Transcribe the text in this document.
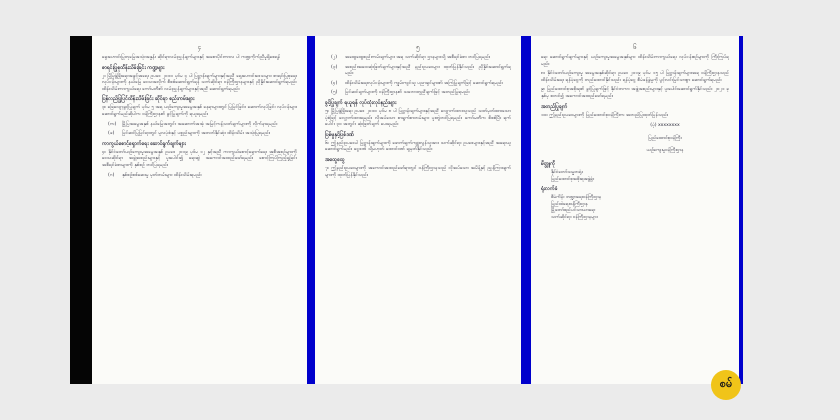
၄
ရှေးဟောင်းပြုတုမြေအသုံးအနှုန်း ဆိုင်ရာလမ်းညွှန်ချက်များနှင့် အစောပိုင်းကာလ ပါ ကဏ္ဍကိုက်ညီမှုရှိစေရန်
စာရင်းပြုစုထိန်းသိမ်းခြင်း ကဏ္ဍများ
၂။ မြိုပြဖွံ့ဖြိုးရေးအခွင့်အရေး ဥပဒေ ၂၀၁၀ ပုဒ်မ ၄ ပါ ပြဋ္ဌာန်းချက်များနှင့်အညီ ရှေးဟောင်းဒေသများ စာရင်းပြုစုရေး လုပ်ငန်းများကို နယ်မြေ ဒေသအလိုက် စီစစ်ဆောင်ရွက်ရန် သက်ဆိုင်ရာ ဝန်ကြီးဌာနများနှင့် ညှိနှိုင်းဆောင်ရွက်ရမည်။ ထိန်းသိမ်းကာကွယ်ရေး ကော်မတီ၏ လမ်းညွှန်ချက်များနှင့်အညီ ဆောင်ရွက်ရမည်။
ပြန်လည်ပြုပြင်ထိန်းသိမ်းခြင်း ဆိုင်ရာ စည်းကမ်းများ
၃။ ဖြေလျော့ခွင့်ပြုချက် ပုဒ်မ ၅ အရ ယဉ်ကျေးမှုအမွေအနှစ် နေရာများတွင် ပြုပြင်ခြင်း၊ ဆောက်လုပ်ခြင်း လုပ်ငန်းများ ဆောင်ရွက်မည်ဆိုပါက ဝန်ကြီးဌာန၏ ခွင့်ပြုချက်ကို ရယူရမည်။
(က) မြို့ပြအမွေအနှစ် နယ်မြေအတွင်း အဆောက်အအုံ အမြင့်ကန့်သတ်ချက်များကို လိုက်နာရမည်။
(ခ) ပြင်ဆင်ပြုပြင်ရာတွင် မူလပုံစံနှင့် ပစ္စည်းများကို အတတ်နိုင်ဆုံး ထိန်းသိမ်း အသုံးပြုရမည်။
ကာကွယ်စောင့်ရှောက်ရေး ဆောင်ရွက်ချက်များ
၄။ နိုင်ငံတော်ယဉ်ကျေးမှုအမွေအနှစ် ဥပဒေ ၂၀၁၉ ပုဒ်မ ၁၂ နှင့်အညီ ကာကွယ်စောင့်ရှောက်ရေး အစီအစဉ်များကို ဒေသဆိုင်ရာ အဖွဲ့အစည်းများနှင့် ပူးပေါင်း၍ ရေးဆွဲ အကောင်အထည်ဖော်ရမည်။ စောင့်ကြပ်ကြည့်ရှုခြင်း အစီရင်ခံစာများကို နှစ်စဉ် တင်ပြရမည်။
(ဂ) နှစ်စဉ်စစ်ဆေးမှု မှတ်တမ်းများ ထိန်းသိမ်းရမည်။
၅
(၂) အထွေထွေစည်းကမ်းချက်များ အရ သက်ဆိုင်ရာ ဌာနများသို့ အစီရင်ခံစာ တင်ပြရမည်။
(၃) အစည်းအဝေးဆုံးဖြတ်ချက်များနှင့်အညီ နည်းဥပဒေများ ထုတ်ပြန်နိုင်သည်။ ညှိနှိုင်းဆောင်ရွက်ရမည်။
(၄) ထိန်းသိမ်းရေးလုပ်ငန်းများကို ကျွမ်းကျင်သူ ပညာရှင်များ၏ အကြံပြုချက်ဖြင့် ဆောင်ရွက်ရမည်။
(၅) ပြင်ဆင်ချက်များကို ဝန်ကြီးဌာန၏ သဘောတူညီချက်ဖြင့် အတည်ပြုရမည်။
ခွင့်ပြုချက် ရယူရန် လုပ်ထုံးလုပ်နည်းများ
၅။ မြို့ပြဖွံ့ဖြိုးရေး ဥပဒေ ၂၀၁၀ ပုဒ်မ ၈ ပါ ပြဋ္ဌာန်းချက်များနှင့်အညီ လျှောက်ထားသူသည် သတ်မှတ်ထားသော ပုံစံဖြင့် လျှောက်ထားရမည်။ လိုအပ်သော စာရွက်စာတမ်းများ ပူးတွဲတင်ပြရမည်။ ကော်မတီက စိစစ်ပြီး ရက်ပေါင်း ၃၀ အတွင်း ဆုံးဖြတ်ချက် ပေးရမည်။
ပြစ်မှုနှင့်ပြစ်ဒဏ်
၆။ ဤနည်းဥပဒေပါ ပြဋ္ဌာန်းချက်များကို ဖောက်ဖျက်ကျူးလွန်သူအား သက်ဆိုင်ရာ ဥပဒေများနှင့်အညီ အရေးယူဆောင်ရွက်မည်။ ငွေဒဏ် သို့မဟုတ် ထောင်ဒဏ် ချမှတ်နိုင်သည်။
အထွေထွေ
၇။ ဤနည်းဥပဒေများကို အကောင်အထည်ဖော်ရာတွင် ဝန်ကြီးဌာနသည် လိုအပ်သော အမိန့်နှင့် ညွှန်ကြားချက်များကို ထုတ်ပြန်နိုင်သည်။
၆
ရေး ဆောင်ရွက်ချက်များနှင့် ယဉ်ကျေးမှုအမွေအနှစ်များ ထိန်းသိမ်းကာကွယ်ရေး လုပ်ငန်းစဉ်များကို ကြီးကြပ်ရမည်။
၈။ နိုင်ငံတော်ယဉ်ကျေးမှု အမွေအနှစ်ဆိုင်ရာ ဥပဒေ ၂၀၁၉ ပုဒ်မ ၁၅ ပါ ပြဋ္ဌာန်းချက်များအရ ဝန်ကြီးဌာနသည် ထိန်းသိမ်းရေး ရန်ပုံငွေကို တည်ထောင်နိုင်သည်။ ရန်ပုံငွေ စီမံခန့်ခွဲမှုကို ပွင့်လင်းမြင်သာစွာ ဆောင်ရွက်ရမည်။
၉။ ပြည်ထောင်စုအစိုးရ၏ ခွင့်ပြုချက်ဖြင့် နိုင်ငံတကာ အဖွဲ့အစည်းများနှင့် ပူးပေါင်းဆောင်ရွက်နိုင်သည်။ ၂၀၂၁ ခုနှစ်မှ စတင်၍ အကောင်အထည်ဖော်ရမည်။
အတည်ပြုချက်
၁၀။ ဤနည်းဥပဒေများကို ပြည်ထောင်စုဝန်ကြီးက အတည်ပြုထုတ်ပြန်သည်။
(ပုံ) xxxxxxxx
ပြည်ထောင်စုဝန်ကြီး
ယဉ်ကျေးမှုဝန်ကြီးဌာန
မိတ္တူကို
နိုင်ငံတော်သမ္မတရုံး
ပြည်ထောင်စုအစိုးရအဖွဲ့ရုံး
ရုံးလက်ခံ
စီမံကိန်း ဘဏ္ဍာရေးဝန်ကြီးဌာန
ပြည်ထဲရေးဝန်ကြီးဌာန
မြို့တော်စည်ပင်သာယာရေး
သက်ဆိုင်ရာ ဝန်ကြီးဌာနများ
စမ်
